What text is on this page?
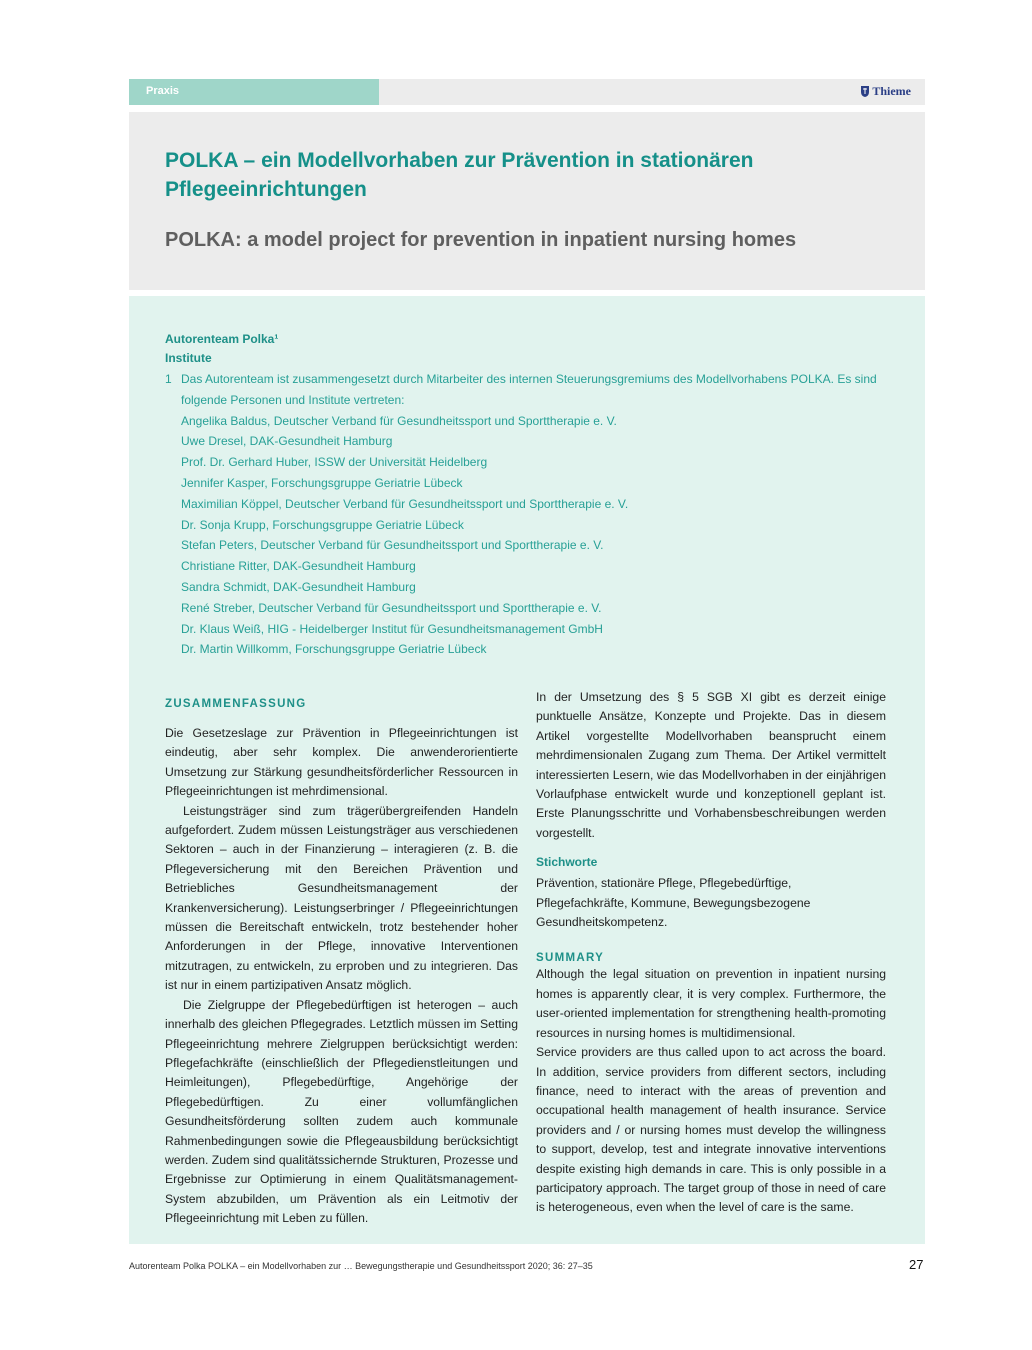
Praxis	Thieme
POLKA – ein Modellvorhaben zur Prävention in stationären Pflegeeinrichtungen
POLKA: a model project for prevention in inpatient nursing homes
Autorenteam Polka¹
Institute
1 Das Autorenteam ist zusammengesetzt durch Mitarbeiter des internen Steuerungsgremiums des Modellvorhabens POLKA. Es sind folgende Personen und Institute vertreten:
Angelika Baldus, Deutscher Verband für Gesundheitssport und Sporttherapie e. V.
Uwe Dresel, DAK-Gesundheit Hamburg
Prof. Dr. Gerhard Huber, ISSW der Universität Heidelberg
Jennifer Kasper, Forschungsgruppe Geriatrie Lübeck
Maximilian Köppel, Deutscher Verband für Gesundheitssport und Sporttherapie e. V.
Dr. Sonja Krupp, Forschungsgruppe Geriatrie Lübeck
Stefan Peters, Deutscher Verband für Gesundheitssport und Sporttherapie e. V.
Christiane Ritter, DAK-Gesundheit Hamburg
Sandra Schmidt, DAK-Gesundheit Hamburg
René Streber, Deutscher Verband für Gesundheitssport und Sporttherapie e. V.
Dr. Klaus Weiß, HIG - Heidelberger Institut für Gesundheitsmanagement GmbH
Dr. Martin Willkomm, Forschungsgruppe Geriatrie Lübeck
ZUSAMMENFASSUNG

Die Gesetzeslage zur Prävention in Pflegeeinrichtungen ist eindeutig, aber sehr komplex. Die anwenderorientierte Umsetzung zur Stärkung gesundheitsförderlicher Ressourcen in Pflegeeinrichtungen ist mehrdimensional.

Leistungsträger sind zum trägerübergreifenden Handeln aufgefordert. Zudem müssen Leistungsträger aus verschiedenen Sektoren – auch in der Finanzierung – interagieren (z. B. die Pflegeversicherung mit den Bereichen Prävention und Betriebliches Gesundheitsmanagement der Krankenversicherung). Leistungserbringer / Pflegeeinrichtungen müssen die Bereitschaft entwickeln, trotz bestehender hoher Anforderungen in der Pflege, innovative Interventionen mitzutragen, zu entwickeln, zu erproben und zu integrieren. Das ist nur in einem partizipativen Ansatz möglich.

Die Zielgruppe der Pflegebedürftigen ist heterogen – auch innerhalb des gleichen Pflegegrades. Letztlich müssen im Setting Pflegeeinrichtung mehrere Zielgruppen berücksichtigt werden: Pflegefachkräfte (einschließlich der Pflegedienstleitungen und Heimleitungen), Pflegebedürftige, Angehörige der Pflegebedürftigen. Zu einer vollumfänglichen Gesundheitsförderung sollten zudem auch kommunale Rahmenbedingungen sowie die Pflegeausbildung berücksichtigt werden. Zudem sind qualitätssichernde Strukturen, Prozesse und Ergebnisse zur Optimierung in einem Qualitätsmanagement-System abzubilden, um Prävention als ein Leitmotiv der Pflegeeinrichtung mit Leben zu füllen.

In der Umsetzung des § 5 SGB XI gibt es derzeit einige punktuelle Ansätze, Konzepte und Projekte. Das in diesem Artikel vorgestellte Modellvorhaben beansprucht einem mehrdimensionalen Zugang zum Thema. Der Artikel vermittelt interessierten Lesern, wie das Modellvorhaben in der einjährigen Vorlaufphase entwickelt wurde und konzeptionell geplant ist. Erste Planungsschritte und Vorhabensbeschreibungen werden vorgestellt.

Stichworte

Prävention, stationäre Pflege, Pflegebedürftige, Pflegefachkräfte, Kommune, Bewegungsbezogene Gesundheitskompetenz.

SUMMARY

Although the legal situation on prevention in inpatient nursing homes is apparently clear, it is very complex. Furthermore, the user-oriented implementation for strengthening health-promoting resources in nursing homes is multidimensional.

Service providers are thus called upon to act across the board. In addition, service providers from different sectors, including finance, need to interact with the areas of prevention and occupational health management of health insurance. Service providers and / or nursing homes must develop the willingness to support, develop, test and integrate innovative interventions despite existing high demands in care. This is only possible in a participatory approach. The target group of those in need of care is heterogeneous, even when the level of care is the same.

Autorenteam Polka POLKA – ein Modellvorhaben zur … Bewegungstherapie und Gesundheitssport 2020; 36: 27–35	27
